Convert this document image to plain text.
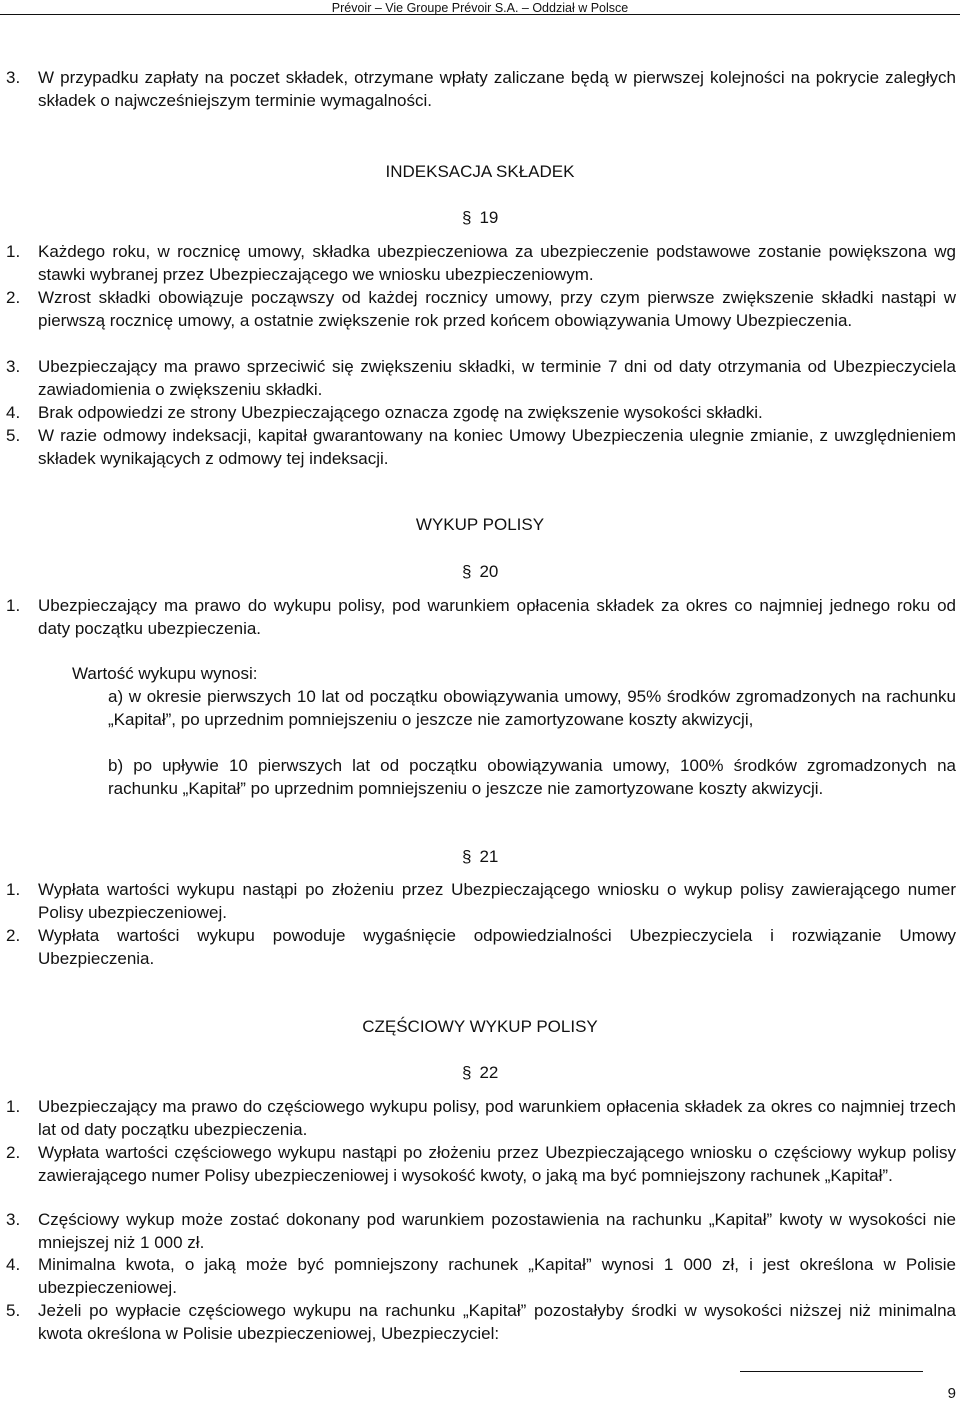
Prévoir – Vie Groupe Prévoir S.A. – Oddział w Polsce
3. W przypadku zapłaty na poczet składek, otrzymane wpłaty zaliczane będą w pierwszej kolejności na pokrycie zaległych składek o najwcześniejszym terminie wymagalności.
INDEKSACJA SKŁADEK
§ 19
1. Każdego roku, w rocznicę umowy, składka ubezpieczeniowa za ubezpieczenie podstawowe zostanie powiększona wg stawki wybranej przez Ubezpieczającego we wniosku ubezpieczeniowym.
2. Wzrost składki obowiązuje począwszy od każdej rocznicy umowy, przy czym pierwsze zwiększenie składki nastąpi w pierwszą rocznicę umowy, a ostatnie zwiększenie rok przed końcem obowiązywania Umowy Ubezpieczenia.
3. Ubezpieczający ma prawo sprzeciwić się zwiększeniu składki, w terminie 7 dni od daty otrzymania od Ubezpieczyciela zawiadomienia o zwiększeniu składki.
4. Brak odpowiedzi ze strony Ubezpieczającego oznacza zgodę na zwiększenie wysokości składki.
5. W razie odmowy indeksacji, kapitał gwarantowany na koniec Umowy Ubezpieczenia ulegnie zmianie, z uwzględnieniem składek wynikających z odmowy tej indeksacji.
WYKUP POLISY
§ 20
1. Ubezpieczający ma prawo do wykupu polisy, pod warunkiem opłacenia składek za okres co najmniej jednego roku od daty początku ubezpieczenia.
Wartość wykupu wynosi:
a) w okresie pierwszych 10 lat od początku obowiązywania umowy, 95% środków zgromadzonych na rachunku „Kapitał”, po uprzednim pomniejszeniu o jeszcze nie zamortyzowane koszty akwizycji,
b) po upływie 10 pierwszych lat od początku obowiązywania umowy, 100% środków zgromadzonych na rachunku „Kapitał” po uprzednim pomniejszeniu o jeszcze nie zamortyzowane koszty akwizycji.
§ 21
1. Wypłata wartości wykupu nastąpi po złożeniu przez Ubezpieczającego wniosku o wykup polisy zawierającego numer Polisy ubezpieczeniowej.
2. Wypłata wartości wykupu powoduje wygaśnięcie odpowiedzialności Ubezpieczyciela i rozwiązanie Umowy Ubezpieczenia.
CZĘŚCIOWY WYKUP POLISY
§ 22
1. Ubezpieczający ma prawo do częściowego wykupu polisy, pod warunkiem opłacenia składek za okres co najmniej trzech lat od daty początku ubezpieczenia.
2. Wypłata wartości częściowego wykupu nastąpi po złożeniu przez Ubezpieczającego wniosku o częściowy wykup polisy zawierającego numer Polisy ubezpieczeniowej i wysokość kwoty, o jaką ma być pomniejszony rachunek „Kapitał”.
3. Częściowy wykup może zostać dokonany pod warunkiem pozostawienia na rachunku „Kapitał” kwoty w wysokości nie mniejszej niż 1 000 zł.
4. Minimalna kwota, o jaką może być pomniejszony rachunek „Kapitał” wynosi 1 000 zł, i jest określona w Polisie ubezpieczeniowej.
5. Jeżeli po wypłacie częściowego wykupu na rachunku „Kapitał” pozostałyby środki w wysokości niższej niż minimalna kwota określona w Polisie ubezpieczeniowej, Ubezpieczyciel:
9
